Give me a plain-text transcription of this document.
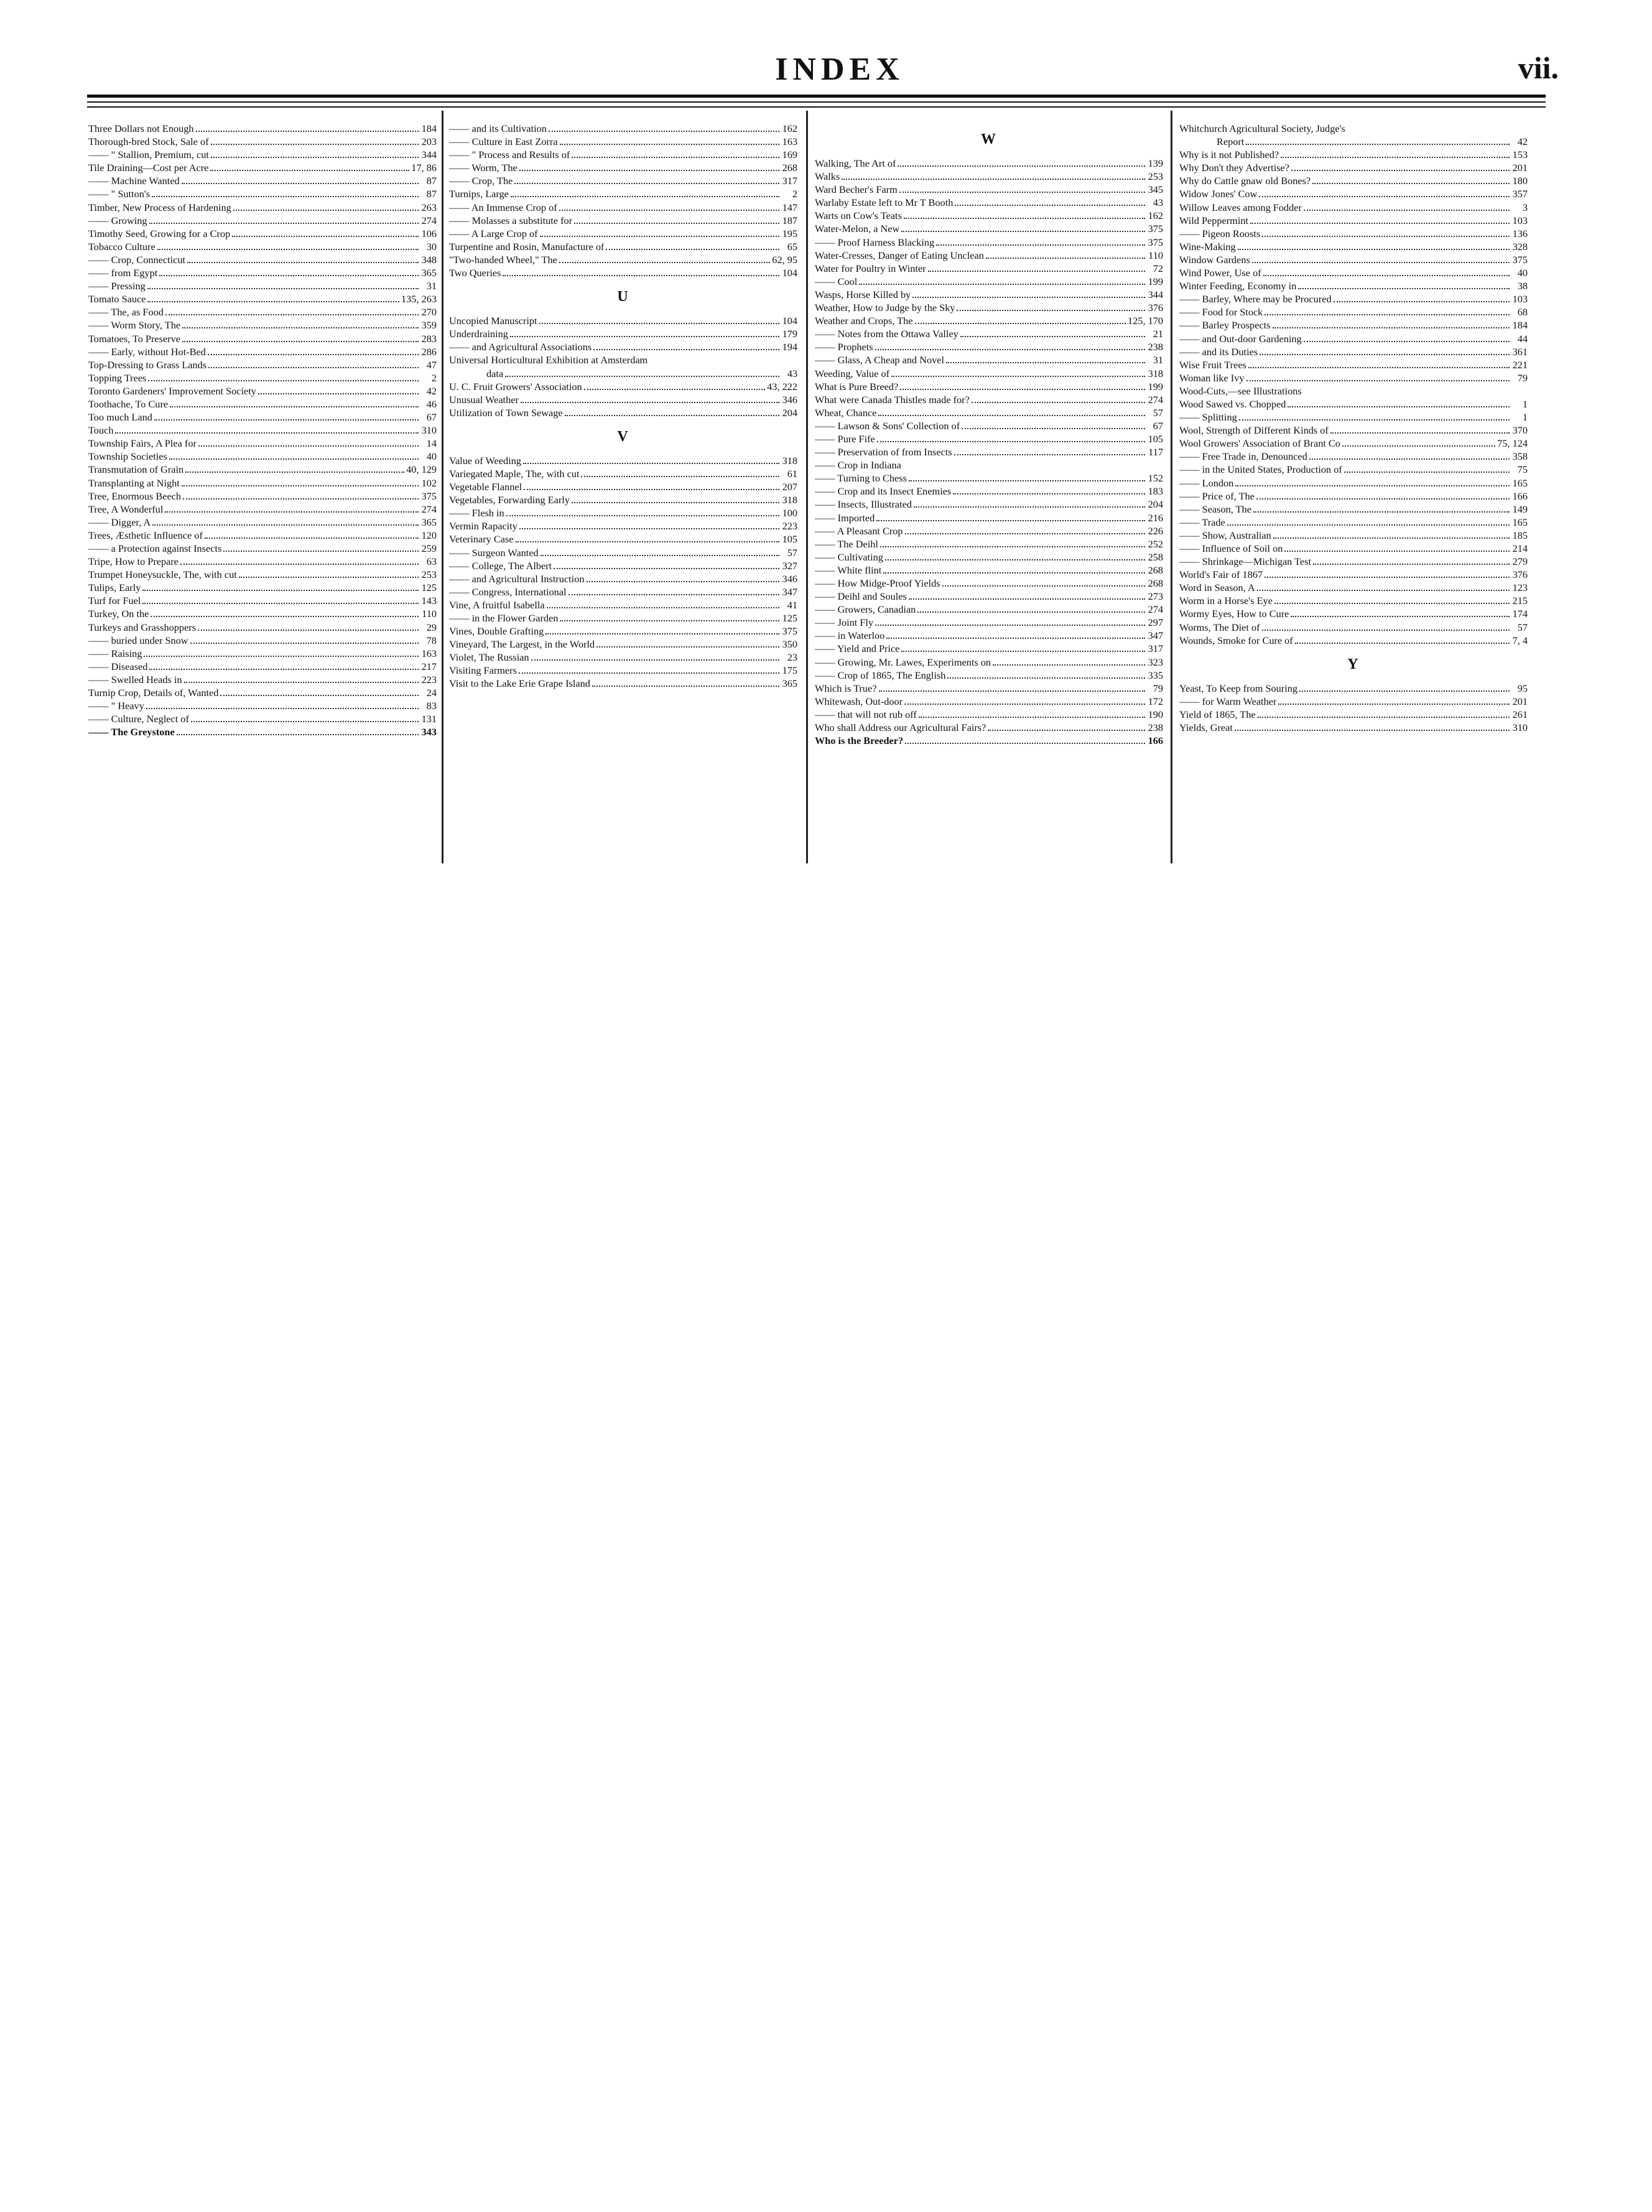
INDEX	vii.
Three Dollars not Enough	184
Thorough-bred Stock, Sale of	203
—— " Stallion, Premium, cut	344
Tile Draining—Cost per Acre	17, 86
—— Machine Wanted	87
—— " Sutton's	87
Timber, New Process of Hardening	263
—— Growing	274
Timothy Seed, Growing for a Crop	106
Tobacco Culture	30
—— Crop, Connecticut	348
—— from Egypt	365
—— Pressing	31
Tomato Sauce	135, 263
—— The, as Food	270
—— Worm Story, The	359
Tomatoes, To Preserve	283
—— Early, without Hot-Bed	286
Top-Dressing to Grass Lands	47
Topping Trees	2
Toronto Gardeners' Improvement Society	42
Toothache, To Cure	46
Too much Land	67
Touch	310
Township Fairs, A Plea for	14
Township Societies	40
Transmutation of Grain	40, 129
Transplanting at Night	102
Tree, Enormous Beech	375
Tree, A Wonderful	274
—— Digger, A	365
Trees, Æsthetic Influence of	120
—— a Protection against Insects	259
Tripe, How to Prepare	63
Trumpet Honeysuckle, The, with cut	253
Tulips, Early	125
Turf for Fuel	143
Turkey, On the	110
Turkeys and Grasshoppers	29
—— buried under Snow	78
—— Raising	163
—— Diseased	217
—— Swelled Heads in	223
Turnip Crop, Details of, Wanted	24
—— " Heavy	83
—— Culture, Neglect of	131
—— The Greystone	343
—— and its Cultivation	162
—— Culture in East Zorra	163
—— " Process and Results of	169
—— Worm, The	268
—— Crop, The	317
Turnips, Large	2
—— An Immense Crop of	147
—— Molasses a substitute for	187
—— A Large Crop of	195
Turpentine and Rosin, Manufacture of	65
"Two-handed Wheel," The	62, 95
Two Queries	104
U
Uncopied Manuscript	104
Underdraining	179
—— and Agricultural Associations	194
Universal Horticultural Exhibition at Amsterdam
data	43
U. C. Fruit Growers' Association	43, 222
Unusual Weather	346
Utilization of Town Sewage	204
V
Value of Weeding	318
Variegated Maple, The, with cut	61
Vegetable Flannel	207
Vegetables, Forwarding Early	318
—— Flesh in	100
Vermin Rapacity	223
Veterinary Case	105
—— Surgeon Wanted	57
—— College, The Albert	327
—— and Agricultural Instruction	346
—— Congress, International	347
Vine, A fruitful Isabella	41
—— in the Flower Garden	125
Vines, Double Grafting	375
Vineyard, The Largest, in the World	350
Violet, The Russian	23
Visiting Farmers	175
Visit to the Lake Erie Grape Island	365
W
Walking, The Art of	139
Walks	253
Ward Becher's Farm	345
Warlaby Estate left to Mr T Booth	43
Warts on Cow's Teats	162
Water-Melon, a New	375
—— Proof Harness Blacking	375
Water-Cresses, Danger of Eating Unclean	110
Water for Poultry in Winter	72
—— Cool	199
Wasps, Horse Killed by	344
Weather, How to Judge by the Sky	376
Weather and Crops, The	125, 170
—— Notes from the Ottawa Valley	21
—— Prophets	238
—— Glass, A Cheap and Novel	31
Weeding, Value of	318
What is Pure Breed?	199
What were Canada Thistles made for?	274
Wheat, Chance	57
—— Lawson & Sons' Collection of	67
—— Pure Fife	105
—— Preservation of from Insects	117
—— Crop in Indiana
—— Turning to Chess	152
—— Crop and its Insect Enemies	183
—— Insects, Illustrated	204
—— Imported	216
—— A Pleasant Crop	226
—— The Deihl	252
—— Cultivating	258
—— White flint	268
—— How Midge-Proof Yields	268
—— Deihl and Soules	273
—— Growers, Canadian	274
—— Joint Fly	297
—— in Waterloo	347
—— Yield and Price	317
—— Growing, Mr. Lawes, Experiments on	323
—— Crop of 1865, The English	335
Which is True?	79
Whitewash, Out-door	172
—— that will not rub off	190
Who shall Address our Agricultural Fairs?	238
Who is the Breeder?	166
Whitchurch Agricultural Society, Judge's
Report	42
Why is it not Published?	153
Why Don't they Advertise?	201
Why do Cattle gnaw old Bones?	180
Widow Jones' Cow	357
Willow Leaves among Fodder	3
Wild Peppermint	103
—— Pigeon Roosts	136
Wine-Making	328
Window Gardens	375
Wind Power, Use of	40
Winter Feeding, Economy in	38
—— Barley, Where may be Procured	103
—— Food for Stock	68
—— Barley Prospects	184
—— and Out-door Gardening	44
—— and its Duties	361
Wise Fruit Trees	221
Woman like Ivy	79
Wood-Cuts,—see Illustrations
Wood Sawed vs. Chopped	1
—— Splitting	1
Wool, Strength of Different Kinds of	370
Wool Growers' Association of Brant Co	75, 124
—— Free Trade in, Denounced	358
—— in the United States, Production of	75
—— London	165
—— Price of, The	166
—— Season, The	149
—— Trade	165
—— Show, Australian	185
—— Influence of Soil on	214
—— Shrinkage—Michigan Test	279
World's Fair of 1867	376
Word in Season, A	123
Worm in a Horse's Eye	215
Wormy Eyes, How to Cure	174
Worms, The Diet of	57
Wounds, Smoke for Cure of	7, 4
Y
Yeast, To Keep from Souring	95
—— for Warm Weather	201
Yield of 1865, The	261
Yields, Great	310
